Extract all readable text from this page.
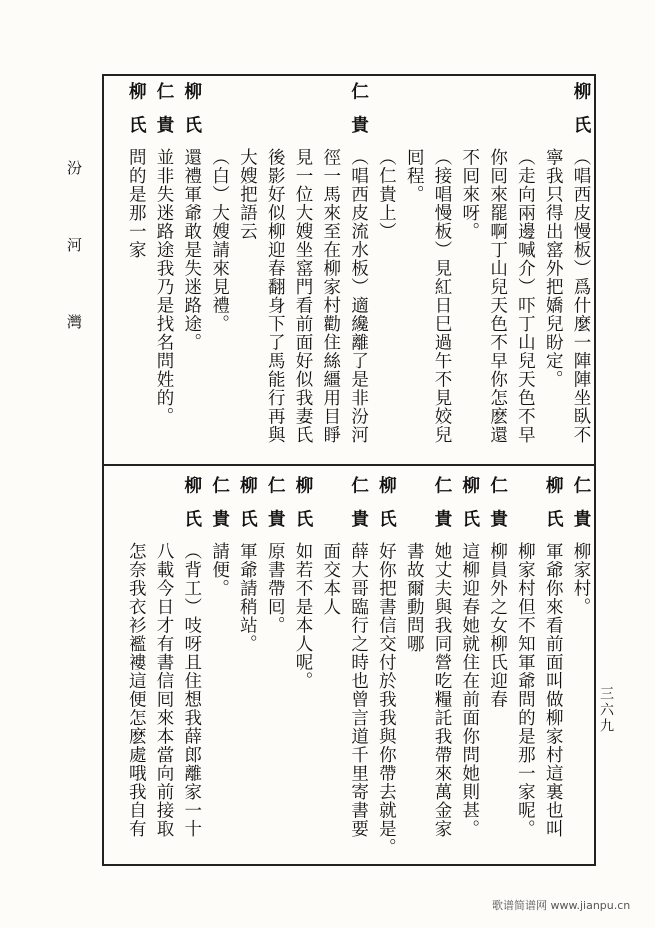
汾 河 灣
三六九
柳氏
（唱西皮慢板）爲什麼一陣陣坐臥不
寧我只得出窰外把嬌兒盼定。
（走向兩邊喊介）吓丁山兒天色不早
你囘來罷啊丁山兒天色不早你怎麽還
不囘來呀。
（接唱慢板）見紅日巳過午不見姣兒
囘程。
（仁貴上）
仁貴
（唱西皮流水板）適纔離了是非汾河
徑一馬來至在柳家村勸住絲繮用目睜
見一位大嫂坐窰門看前面好似我妻氏
後影好似柳迎春翻身下了馬能行再與
大嫂把語云
（白）大嫂請來見禮。
柳氏
還禮軍爺敢是失迷路途。
仁貴
並非失迷路途我乃是找名問姓的。
柳氏
問的是那一家
仁貴
柳家村。
柳氏
軍爺你來看前面叫做柳家村這裏也叫
柳家村但不知軍爺問的是那一家呢。
仁貴
柳員外之女柳氏迎春
柳氏
這柳迎春她就住在前面你問她則甚。
仁貴
她丈夫與我同營吃糧託我帶來萬金家
書故爾動問哪
柳氏
好你把書信交付於我我與你帶去就是。
仁貴
薛大哥臨行之時也曾言道千里寄書要
面交本人
柳氏
如若不是本人呢。
仁貴
原書帶囘。
柳氏
軍爺請稍站。
仁貴
請便。
柳氏
（背工）吱呀且住想我薛郎離家一十
八載今日才有書信囘來本當向前接取
怎奈我衣衫襤褸這便怎麽處哦我自有
歌谱简谱网 www.jianpu.cn
